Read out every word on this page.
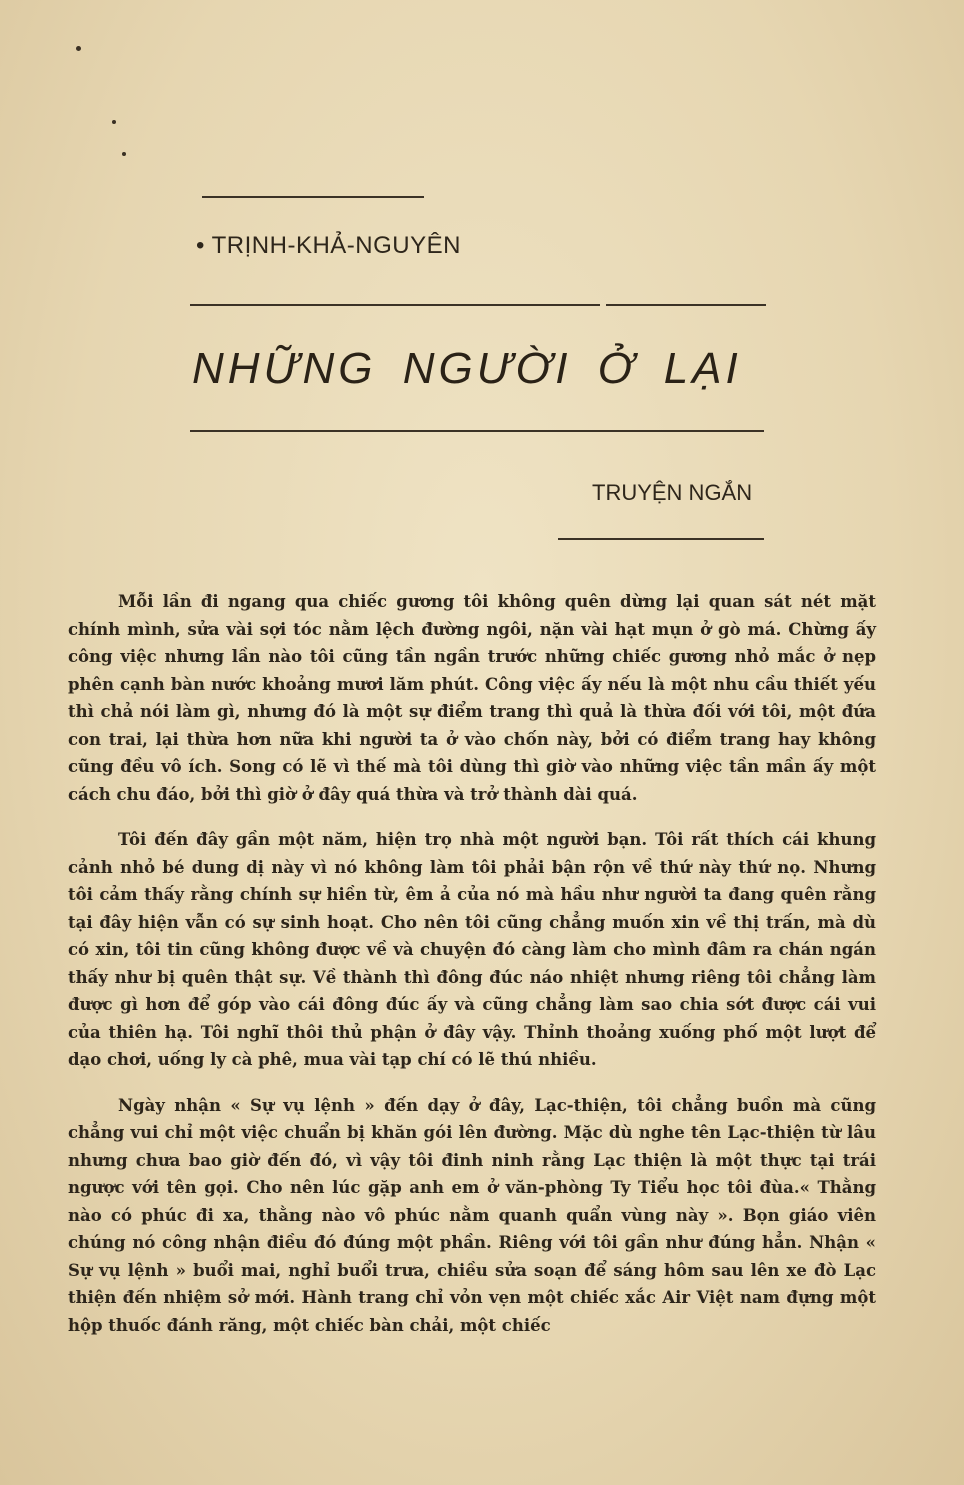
• TRỊNH-KHẢ-NGUYÊN
NHỮNG NGƯỜI Ở LẠI
TRUYỆN NGẮN

Mỗi lần đi ngang qua chiếc gương tôi không quên dừng lại quan sát nét mặt chính mình, sửa vài sợi tóc nằm lệch đường ngôi, nặn vài hạt mụn ở gò má. Chừng ấy công việc nhưng lần nào tôi cũng tần ngần trước những chiếc gương nhỏ mắc ở nẹp phên cạnh bàn nước khoảng mươi lăm phút. Công việc ấy nếu là một nhu cầu thiết yếu thì chả nói làm gì, nhưng đó là một sự điểm trang thì quả là thừa đối với tôi, một đứa con trai, lại thừa hơn nữa khi người ta ở vào chốn này, bởi có điểm trang hay không cũng đều vô ích. Song có lẽ vì thế mà tôi dùng thì giờ vào những việc tần mần ấy một cách chu đáo, bởi thì giờ ở đây quá thừa và trở thành dài quá.

Tôi đến đây gần một năm, hiện trọ nhà một người bạn. Tôi rất thích cái khung cảnh nhỏ bé dung dị này vì nó không làm tôi phải bận rộn về thứ này thứ nọ. Nhưng tôi cảm thấy rằng chính sự hiền từ, êm ả của nó mà hầu như người ta đang quên rằng tại đây hiện vẫn có sự sinh hoạt. Cho nên tôi cũng chẳng muốn xin về thị trấn, mà dù có xin, tôi tin cũng không được về và chuyện đó càng làm cho mình đâm ra chán ngán thấy như bị quên thật sự. Về thành thì đông đúc náo nhiệt nhưng riêng tôi chẳng làm được gì hơn để góp vào cái đông đúc ấy và cũng chẳng làm sao chia sớt được cái vui của thiên hạ. Tôi nghĩ thôi thủ phận ở đây vậy. Thỉnh thoảng xuống phố một lượt để dạo chơi, uống ly cà phê, mua vài tạp chí có lẽ thú nhiều.

Ngày nhận « Sự vụ lệnh » đến dạy ở đây, Lạc-thiện, tôi chẳng buồn mà cũng chẳng vui chỉ một việc chuẩn bị khăn gói lên đường. Mặc dù nghe tên Lạc-thiện từ lâu nhưng chưa bao giờ đến đó, vì vậy tôi đinh ninh rằng Lạc thiện là một thực tại trái ngược với tên gọi. Cho nên lúc gặp anh em ở văn-phòng Ty Tiểu học tôi đùa.« Thằng nào có phúc đi xa, thằng nào vô phúc nằm quanh quẩn vùng này ». Bọn giáo viên chúng nó công nhận điều đó đúng một phần. Riêng với tôi gần như đúng hẳn. Nhận « Sự vụ lệnh » buổi mai, nghỉ buổi trưa, chiều sửa soạn để sáng hôm sau lên xe đò Lạc thiện đến nhiệm sở mới. Hành trang chỉ vỏn vẹn một chiếc xắc Air Việt nam đựng một hộp thuốc đánh răng, một chiếc bàn chải, một chiếc
